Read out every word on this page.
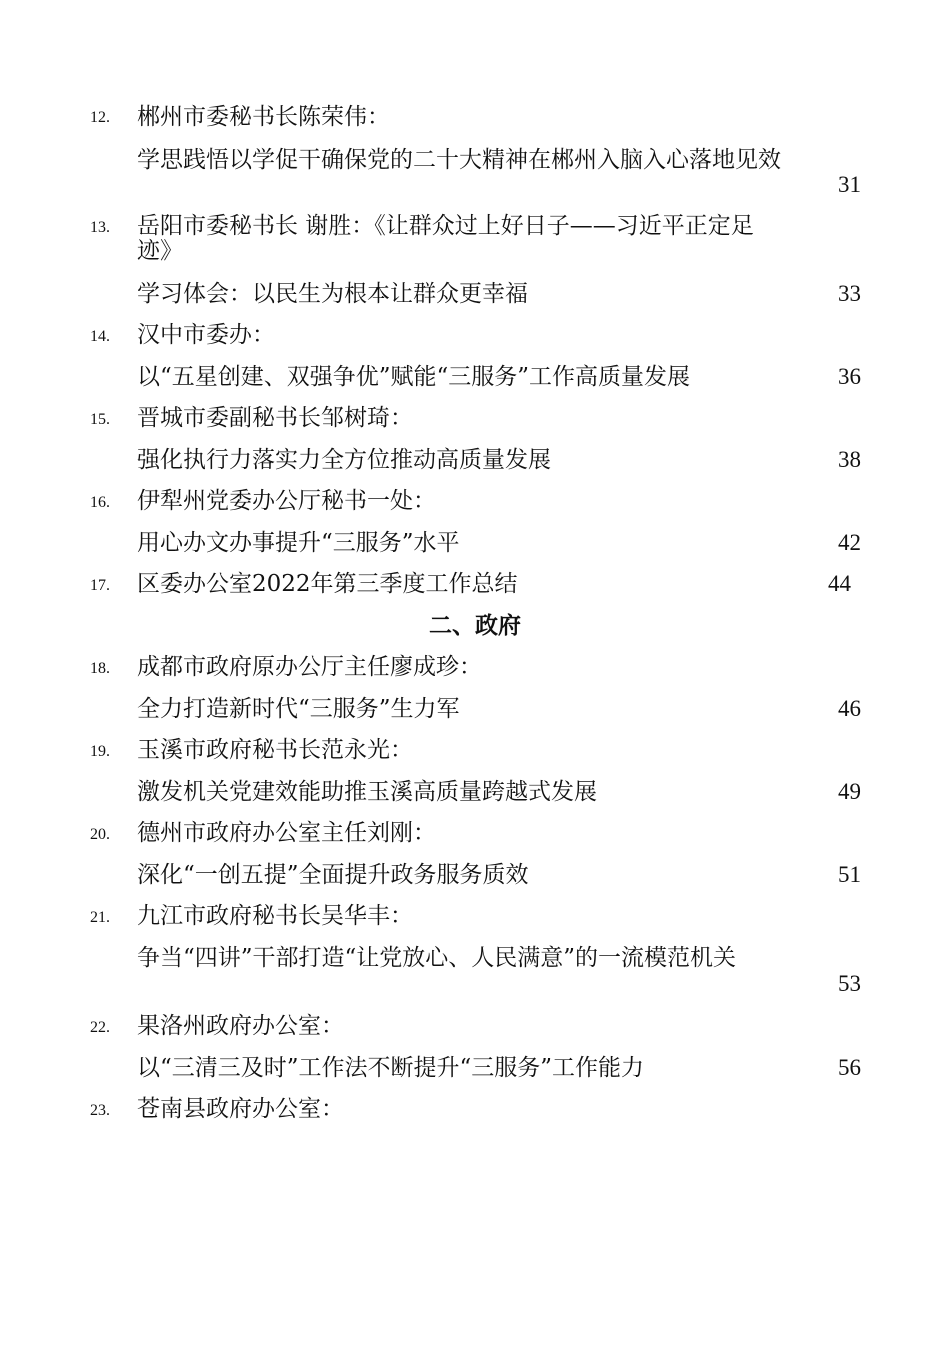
12. 郴州市委秘书长陈荣伟：
学思践悟以学促干确保党的二十大精神在郴州入脑入心落地见效
31
13. 岳阳市委秘书长 谢胜：《让群众过上好日子——习近平正定足
迹》
学习体会：以民生为根本让群众更幸福	33
14. 汉中市委办：
以“五星创建、双强争优”赋能“三服务”工作高质量发展	36
15. 晋城市委副秘书长邹树琦：
强化执行力落实力全方位推动高质量发展	38
16. 伊犁州党委办公厅秘书一处：
用心办文办事提升“三服务”水平	42
17. 区委办公室2022年第三季度工作总结	44
二、政府
18. 成都市政府原办公厅主任廖成珍：
全力打造新时代“三服务”生力军	46
19. 玉溪市政府秘书长范永光：
激发机关党建效能助推玉溪高质量跨越式发展	49
20. 德州市政府办公室主任刘刚：
深化“一创五提”全面提升政务服务质效	51
21. 九江市政府秘书长吴华丰：
争当“四讲”干部打造“让党放心、人民满意”的一流模范机关
53
22. 果洛州政府办公室：
以“三清三及时”工作法不断提升“三服务”工作能力	56
23. 苍南县政府办公室：
